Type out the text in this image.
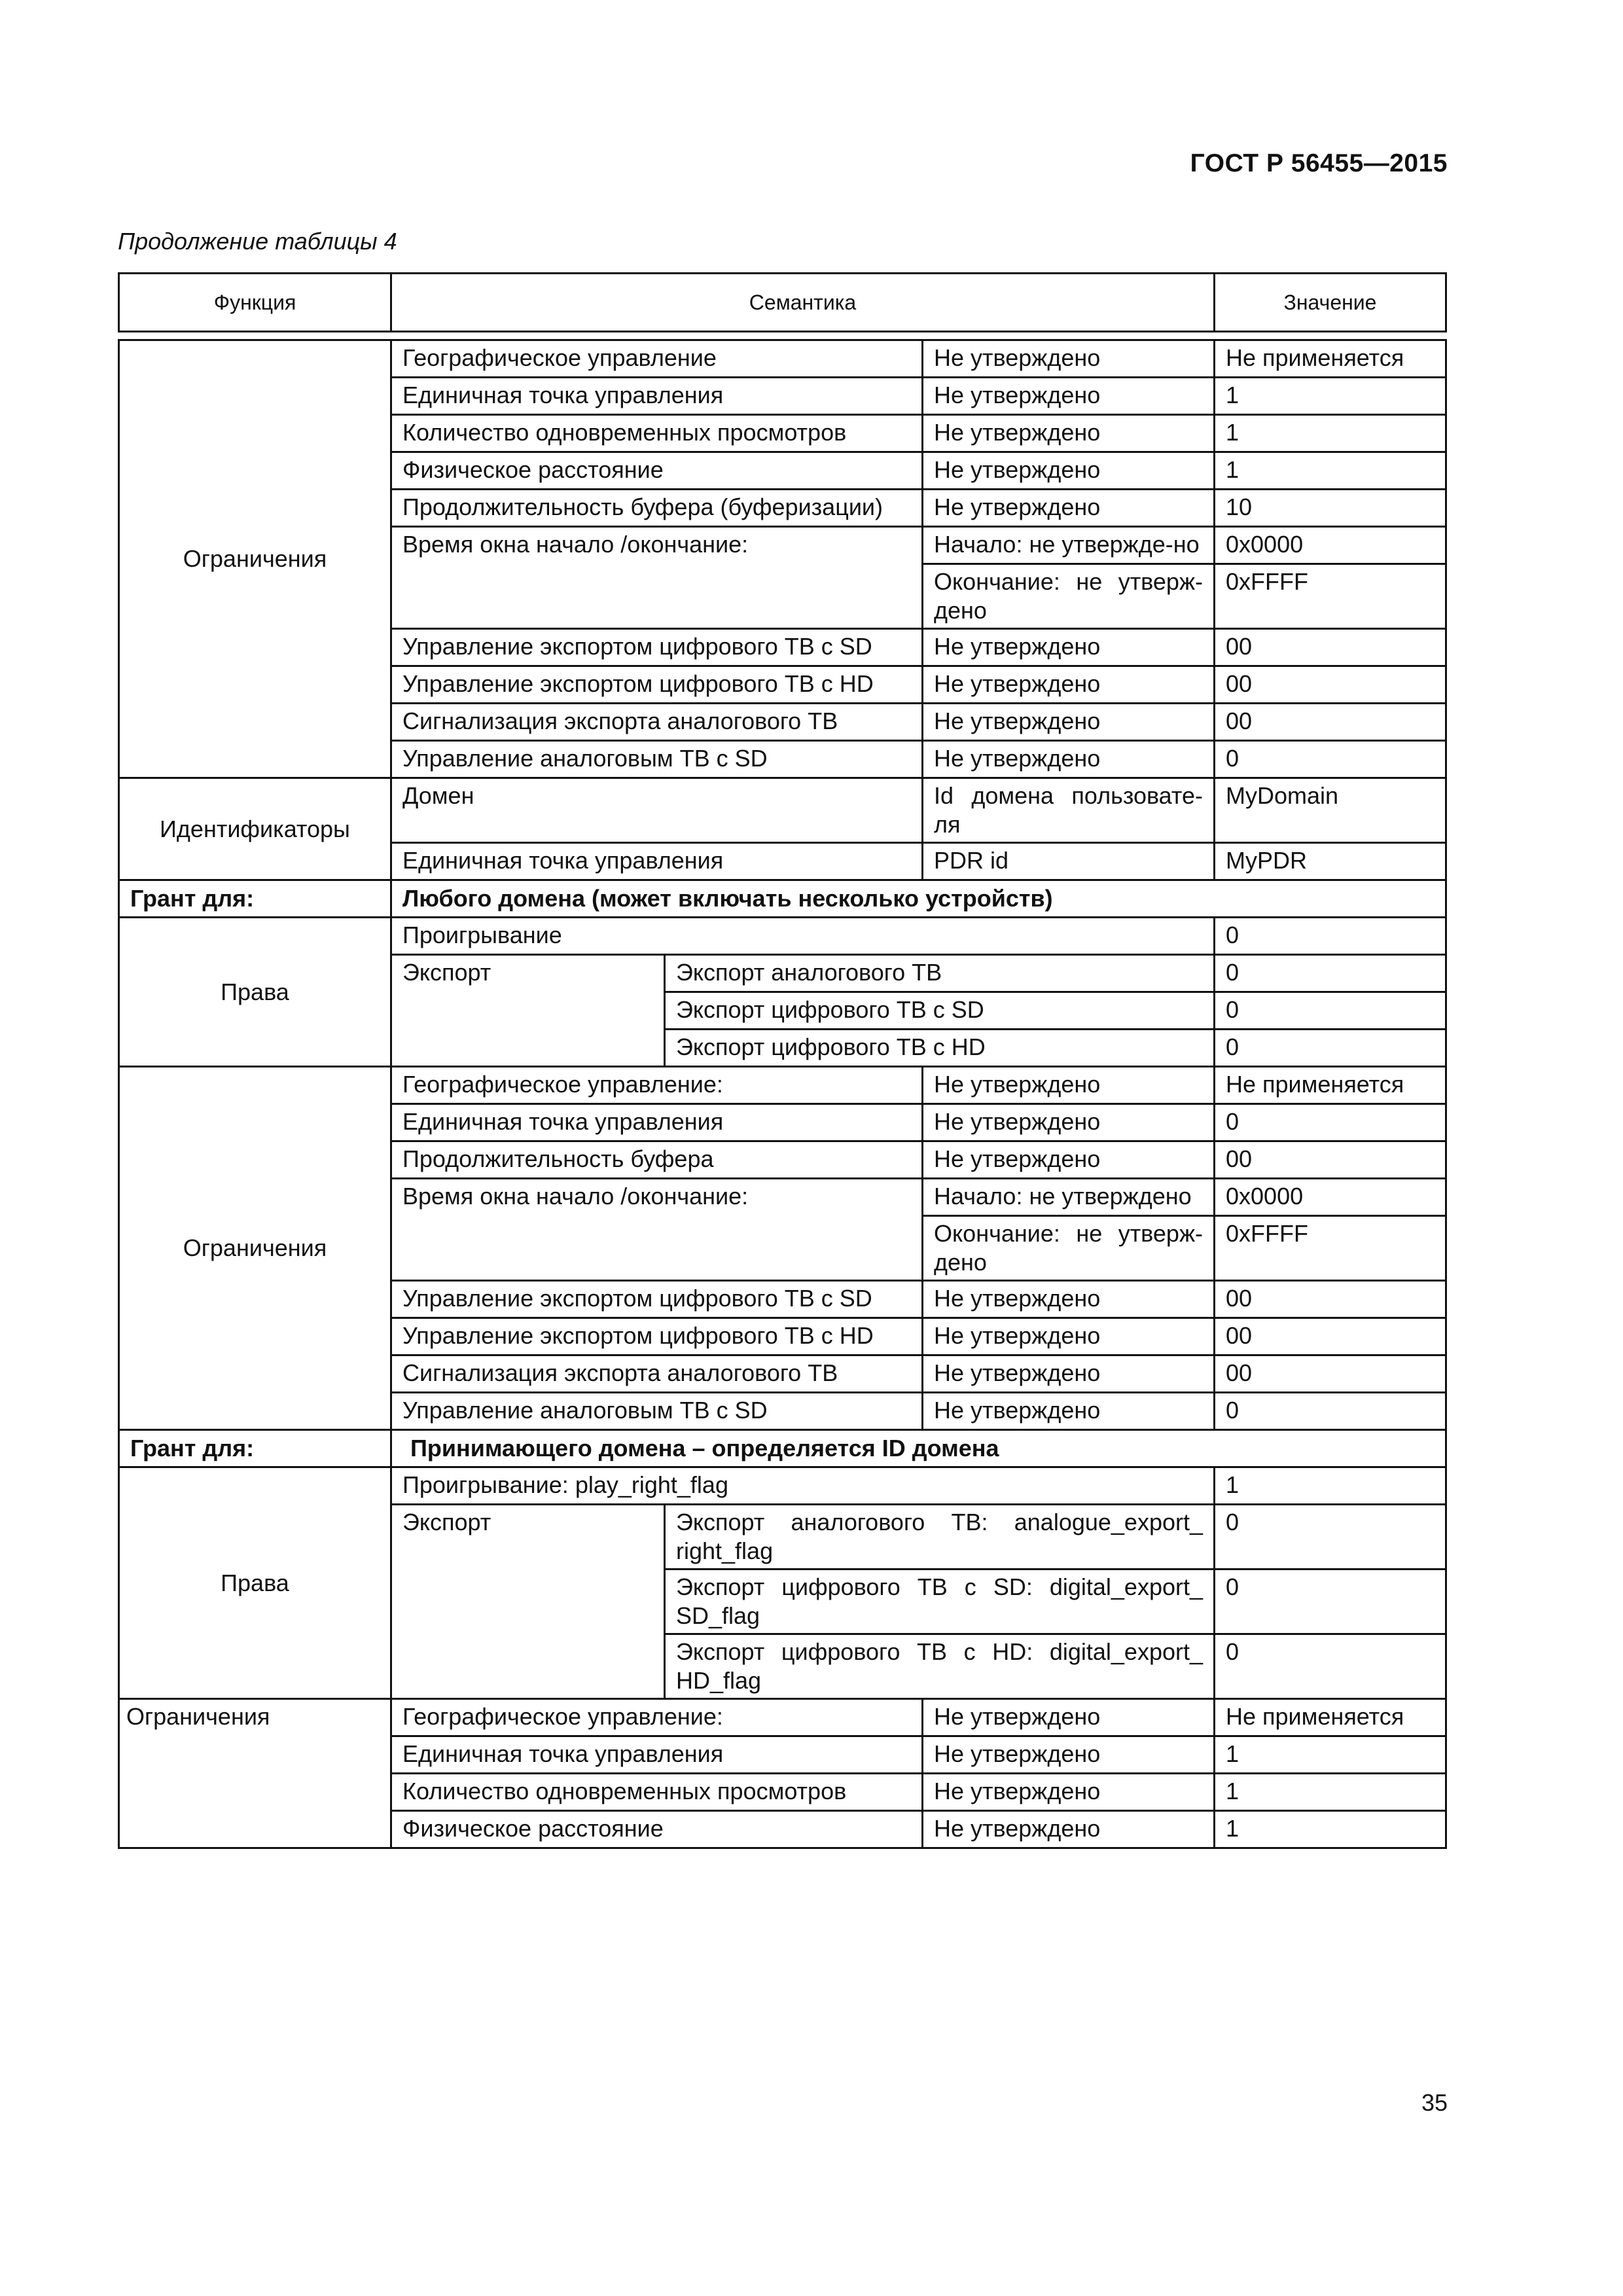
ГОСТ Р 56455—2015
Продолжение таблицы 4
Функция	Семантика	Значение
Ограничения	Географическое управление		Не утверждено	Не применяется
	Единичная точка управления		Не утверждено	1
	Количество одновременных просмотров		Не утверждено	1
	Физическое расстояние		Не утверждено	1
	Продолжительность буфера (буферизации)		Не утверждено	10
	Время окна начало /окончание:		Начало: не утвержде-но	0x0000
			Окончание: не утверж-дено	0xFFFF
	Управление экспортом цифрового ТВ с SD		Не утверждено	00
	Управление экспортом цифрового ТВ с HD		Не утверждено	00
	Сигнализация экспорта аналогового ТВ		Не утверждено	00
	Управление аналоговым ТВ с SD		Не утверждено	0
Идентификаторы	Домен		Id домена пользовате-ля	MyDomain
	Единичная точка управления		PDR id	MyPDR
Грант для:	Любого домена (может включать несколько устройств)			
Права	Проигрывание			0
	Экспорт	Экспорт аналогового ТВ		0
		Экспорт цифрового ТВ с SD		0
		Экспорт цифрового ТВ с HD		0
Ограничения	Географическое управление:		Не утверждено	Не применяется
	Единичная точка управления		Не утверждено	0
	Продолжительность буфера		Не утверждено	00
	Время окна начало /окончание:		Начало: не утверждено	0x0000
			Окончание: не утверж-дено	0xFFFF
	Управление экспортом цифрового ТВ с SD		Не утверждено	00
	Управление экспортом цифрового ТВ с HD		Не утверждено	00
	Сигнализация экспорта аналогового ТВ		Не утверждено	00
	Управление аналоговым ТВ с SD		Не утверждено	0
Грант для:	Принимающего домена – определяется ID домена			
Права	Проигрывание: play_right_flag			1
	Экспорт	Экспорт аналогового ТВ: analogue_export_ right_flag		0
		Экспорт цифрового ТВ с SD: digital_export_ SD_flag		0
		Экспорт цифрового ТВ с HD: digital_export_ HD_flag		0
Ограничения	Географическое управление:		Не утверждено	Не применяется
	Единичная точка управления		Не утверждено	1
	Количество одновременных просмотров		Не утверждено	1
	Физическое расстояние		Не утверждено	1
35
